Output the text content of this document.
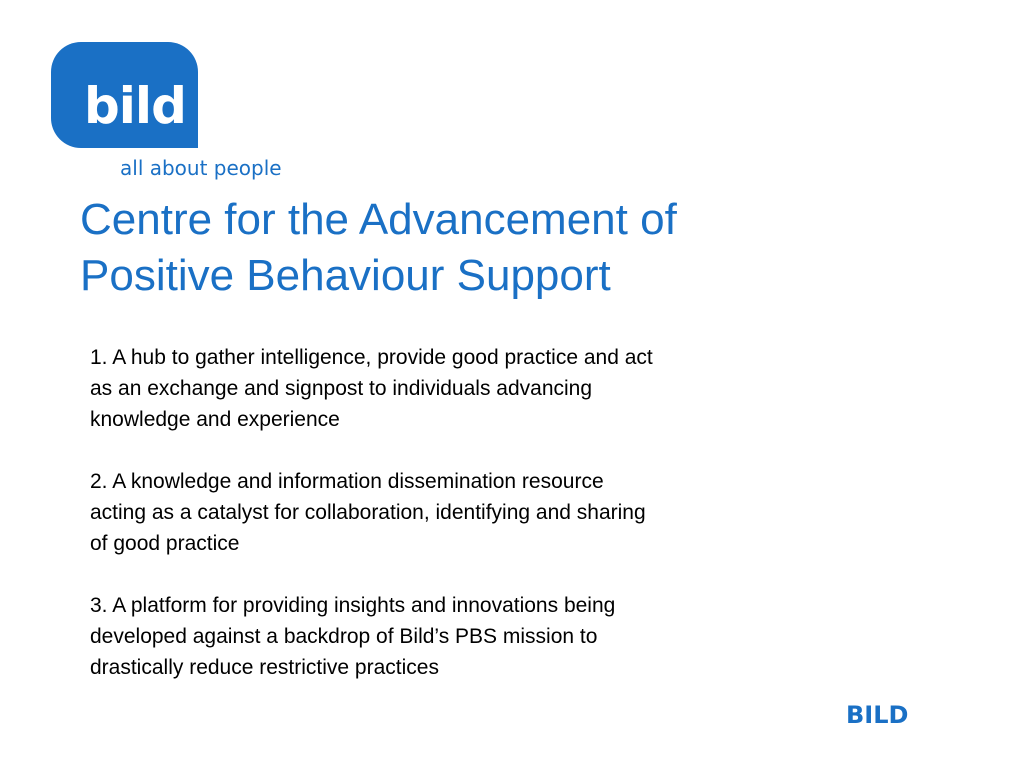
bild
all about people
Centre for the Advancement of Positive Behaviour Support

1. A hub to gather intelligence, provide good practice and act
as an exchange and signpost to individuals advancing
knowledge and experience

2. A knowledge and information dissemination resource
acting as a catalyst for collaboration, identifying and sharing
of good practice

3. A platform for providing insights and innovations being
developed against a backdrop of Bild’s PBS mission to
drastically reduce restrictive practices

BILD
